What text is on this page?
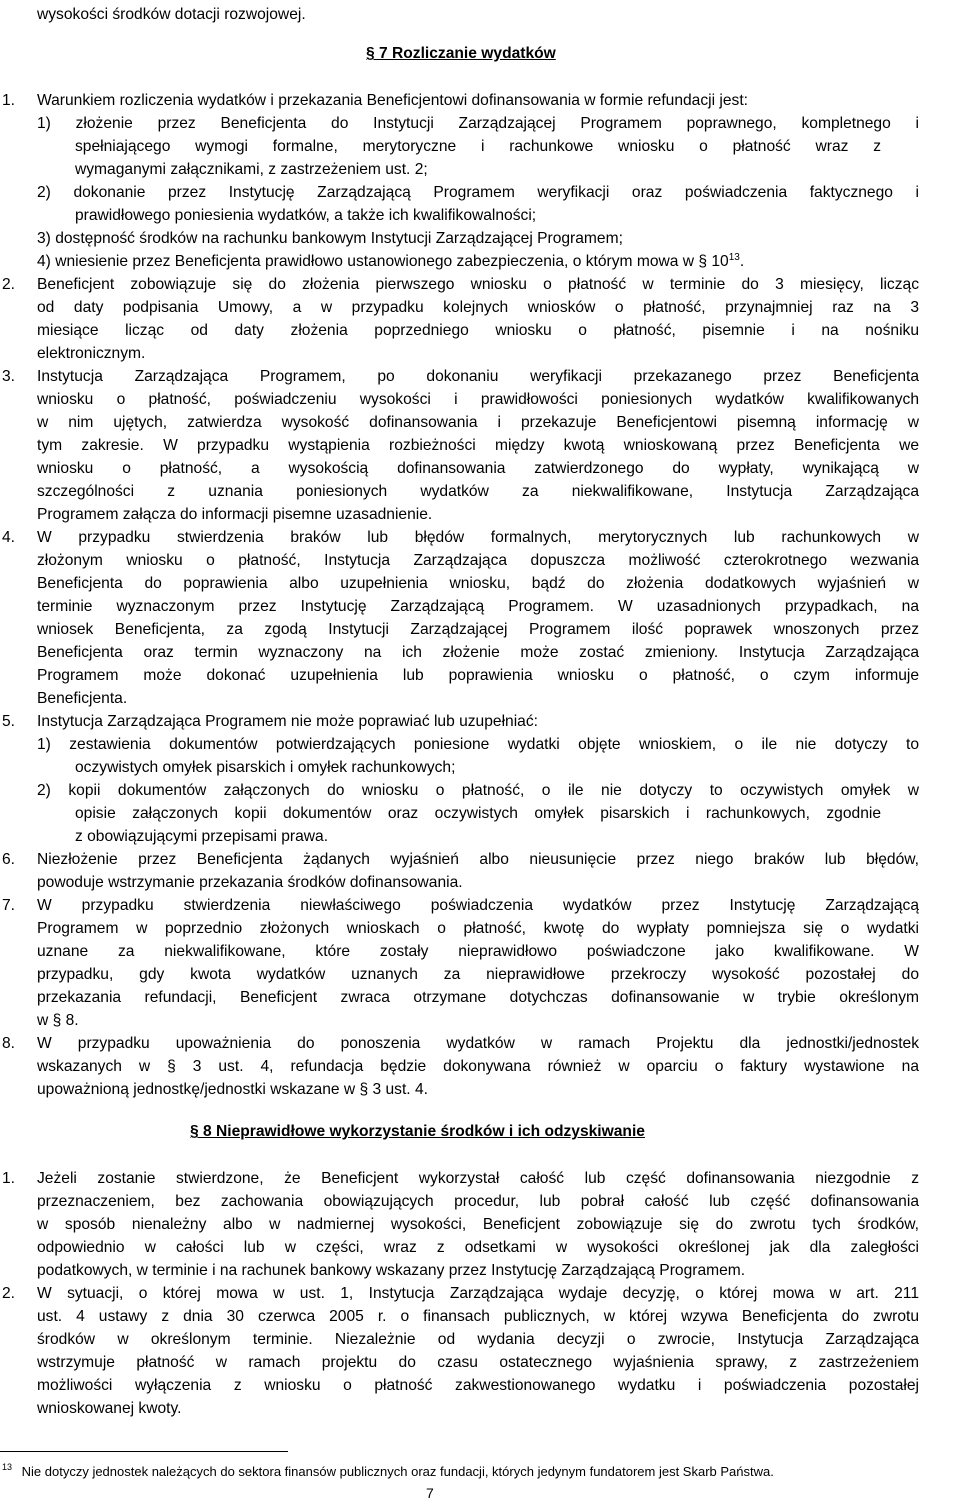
wysokości środków dotacji rozwojowej.
§ 7 Rozliczanie wydatków
1. Warunkiem rozliczenia wydatków i przekazania Beneficjentowi dofinansowania w formie refundacji jest:
1) złożenie przez Beneficjenta do Instytucji Zarządzającej Programem poprawnego, kompletnego i
spełniającego wymogi formalne, merytoryczne i rachunkowe wniosku o płatność wraz z
wymaganymi załącznikami, z zastrzeżeniem ust. 2;
2) dokonanie przez Instytucję Zarządzającą Programem weryfikacji oraz poświadczenia faktycznego i
prawidłowego poniesienia wydatków, a także ich kwalifikowalności;
3) dostępność środków na rachunku bankowym Instytucji Zarządzającej Programem;
4) wniesienie przez Beneficjenta prawidłowo ustanowionego zabezpieczenia, o którym mowa w § $10^{13}$.
2. Beneficjent zobowiązuje się do złożenia pierwszego wniosku o płatność w terminie do 3 miesięcy, licząc
od daty podpisania Umowy, a w przypadku kolejnych wniosków o płatność, przynajmniej raz na 3
miesiące licząc od daty złożenia poprzedniego wniosku o płatność, pisemnie i na nośniku
elektronicznym.
3. Instytucja Zarządzająca Programem, po dokonaniu weryfikacji przekazanego przez Beneficjenta
wniosku o płatność, poświadczeniu wysokości i prawidłowości poniesionych wydatków kwalifikowanych
w nim ujętych, zatwierdza wysokość dofinansowania i przekazuje Beneficjentowi pisemną informację w
tym zakresie. W przypadku wystąpienia rozbieżności między kwotą wnioskowaną przez Beneficjenta we
wniosku o płatność, a wysokością dofinansowania zatwierdzonego do wypłaty, wynikającą w
szczególności z uznania poniesionych wydatków za niekwalifikowane, Instytucja Zarządzająca
Programem załącza do informacji pisemne uzasadnienie.
4. W przypadku stwierdzenia braków lub błędów formalnych, merytorycznych lub rachunkowych w
złożonym wniosku o płatność, Instytucja Zarządzająca dopuszcza możliwość czterokrotnego wezwania
Beneficjenta do poprawienia albo uzupełnienia wniosku, bądź do złożenia dodatkowych wyjaśnień w
terminie wyznaczonym przez Instytucję Zarządzającą Programem. W uzasadnionych przypadkach, na
wniosek Beneficjenta, za zgodą Instytucji Zarządzającej Programem ilość poprawek wnoszonych przez
Beneficjenta oraz termin wyznaczony na ich złożenie może zostać zmieniony. Instytucja Zarządzająca
Programem może dokonać uzupełnienia lub poprawienia wniosku o płatność, o czym informuje
Beneficjenta.
5. Instytucja Zarządzająca Programem nie może poprawiać lub uzupełniać:
1) zestawienia dokumentów potwierdzających poniesione wydatki objęte wnioskiem, o ile nie dotyczy to
oczywistych omyłek pisarskich i omyłek rachunkowych;
2) kopii dokumentów załączonych do wniosku o płatność, o ile nie dotyczy to oczywistych omyłek w
opisie załączonych kopii dokumentów oraz oczywistych omyłek pisarskich i rachunkowych, zgodnie
z obowiązującymi przepisami prawa.
6. Niezłożenie przez Beneficjenta żądanych wyjaśnień albo nieusunięcie przez niego braków lub błędów,
powoduje wstrzymanie przekazania środków dofinansowania.
7. W przypadku stwierdzenia niewłaściwego poświadczenia wydatków przez Instytucję Zarządzającą
Programem w poprzednio złożonych wnioskach o płatność, kwotę do wypłaty pomniejsza się o wydatki
uznane za niekwalifikowane, które zostały nieprawidłowo poświadczone jako kwalifikowane. W
przypadku, gdy kwota wydatków uznanych za nieprawidłowe przekroczy wysokość pozostałej do
przekazania refundacji, Beneficjent zwraca otrzymane dotychczas dofinansowanie w trybie określonym
w § 8.
8. W przypadku upoważnienia do ponoszenia wydatków w ramach Projektu dla jednostki/jednostek
wskazanych w § 3 ust. 4, refundacja będzie dokonywana również w oparciu o faktury wystawione na
upoważnioną jednostkę/jednostki wskazane w § 3 ust. 4.
§ 8 Nieprawidłowe wykorzystanie środków i ich odzyskiwanie
1. Jeżeli zostanie stwierdzone, że Beneficjent wykorzystał całość lub część dofinansowania niezgodnie z
przeznaczeniem, bez zachowania obowiązujących procedur, lub pobrał całość lub część dofinansowania
w sposób nienależny albo w nadmiernej wysokości, Beneficjent zobowiązuje się do zwrotu tych środków,
odpowiednio w całości lub w części, wraz z odsetkami w wysokości określonej jak dla zaległości
podatkowych, w terminie i na rachunek bankowy wskazany przez Instytucję Zarządzającą Programem.
2. W sytuacji, o której mowa w ust. 1, Instytucja Zarządzająca wydaje decyzję, o której mowa w art. 211
ust. 4 ustawy z dnia 30 czerwca 2005 r. o finansach publicznych, w której wzywa Beneficjenta do zwrotu
środków w określonym terminie. Niezależnie od wydania decyzji o zwrocie, Instytucja Zarządzająca
wstrzymuje płatność w ramach projektu do czasu ostatecznego wyjaśnienia sprawy, z zastrzeżeniem
możliwości wyłączenia z wniosku o płatność zakwestionowanego wydatku i poświadczenia pozostałej
wnioskowanej kwoty.
$^{13}$ Nie dotyczy jednostek należących do sektora finansów publicznych oraz fundacji, których jedynym fundatorem jest Skarb Państwa.
7
